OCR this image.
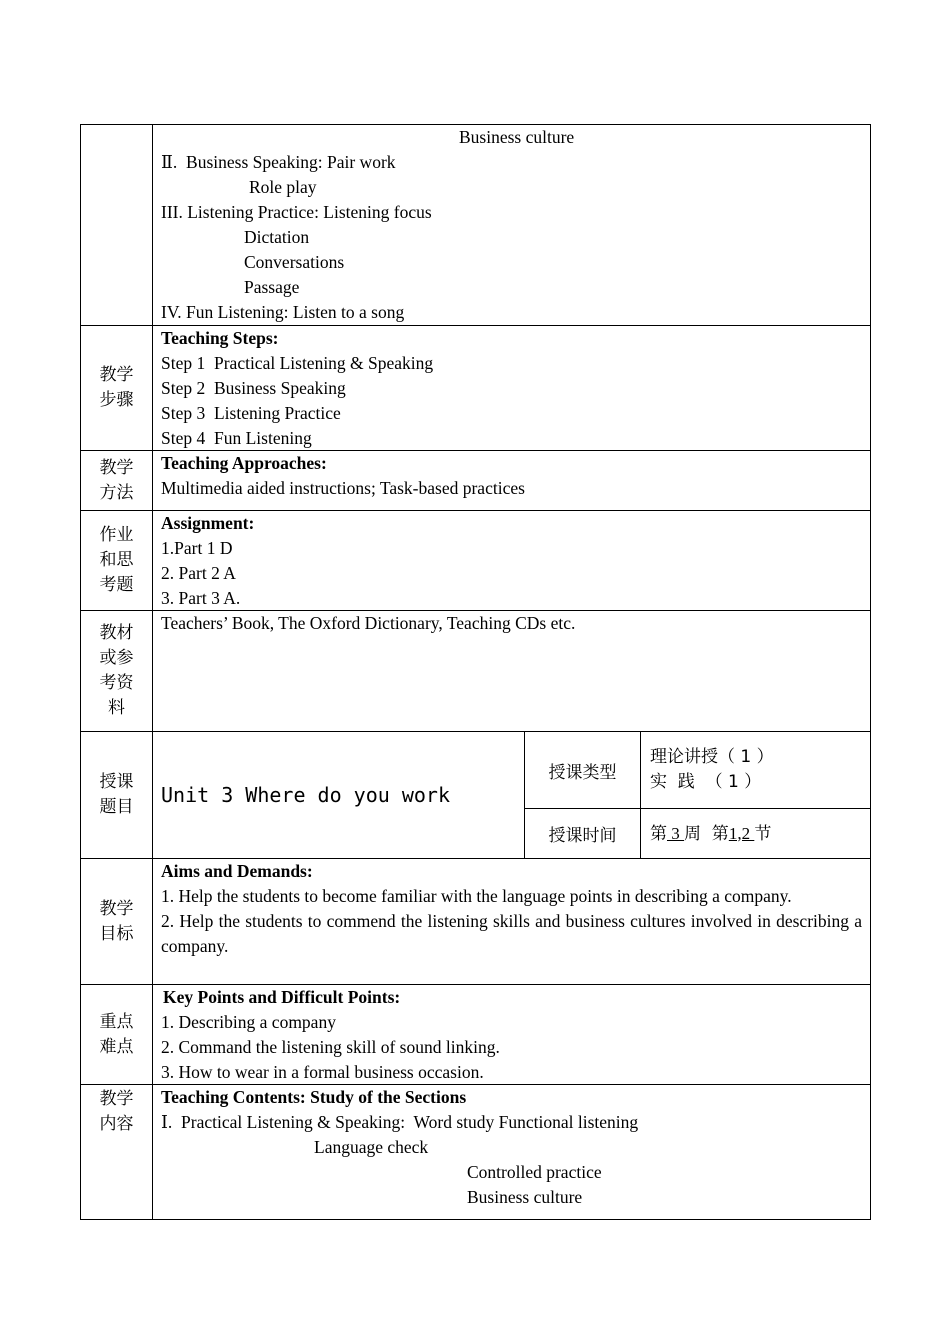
Business culture
Ⅱ.  Business Speaking: Pair work
Role play
III. Listening Practice: Listening focus
Dictation
Conversations
Passage
IV. Fun Listening: Listen to a song
教学
步骤
Teaching Steps:
Step 1  Practical Listening & Speaking
Step 2  Business Speaking
Step 3  Listening Practice
Step 4  Fun Listening
教学
方法
Teaching Approaches:
Multimedia aided instructions; Task-based practices
作业
和思
考题
Assignment:
1.Part 1 D
2. Part 2 A
3. Part 3 A.
教材
或参
考资
料
Teachers’ Book, The Oxford Dictionary, Teaching CDs etc.
授课
题目	Unit 3 Where do you work
授课类型
理论讲授（ 1 ）
实  践  （ 1 ）
授课时间	第 3 周  第1,2 节
教学
目标
Aims and Demands:
1. Help the students to become familiar with the language points in describing a company.
2. Help the students to commend the listening skills and business cultures involved in describing a company.
重点
难点
Key Points and Difficult Points:
1. Describing a company
2. Command the listening skill of sound linking.
3. How to wear in a formal business occasion.
教学
内容
Teaching Contents: Study of the Sections
Ⅰ.  Practical Listening & Speaking:  Word study Functional listening
Language check
Controlled practice
Business culture
